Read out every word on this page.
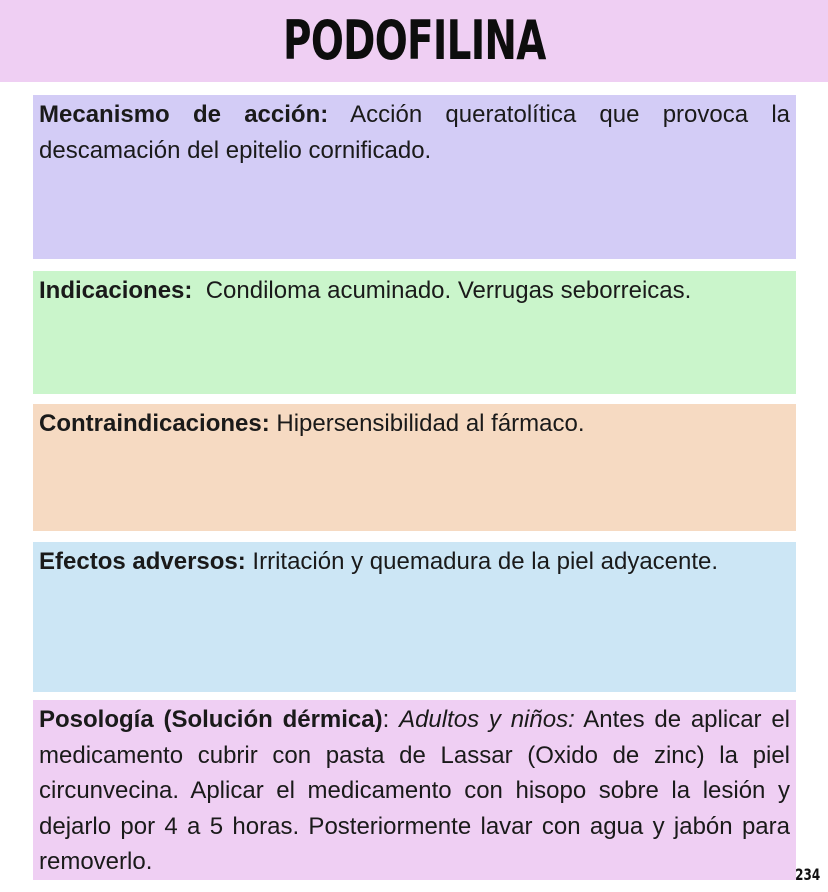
PODOFILINA

Mecanismo de acción: Acción queratolítica que provoca la descamación del epitelio cornificado.

Indicaciones:  Condiloma acuminado. Verrugas seborreicas.

Contraindicaciones: Hipersensibilidad al fármaco.

Efectos adversos: Irritación y quemadura de la piel adyacente.

Posología (Solución dérmica): Adultos y niños: Antes de aplicar el medicamento cubrir con pasta de Lassar (Oxido de zinc) la piel circunvecina. Aplicar el medicamento con hisopo sobre la lesión y dejarlo por 4 a 5 horas. Posteriormente lavar con agua y jabón para removerlo.	234
